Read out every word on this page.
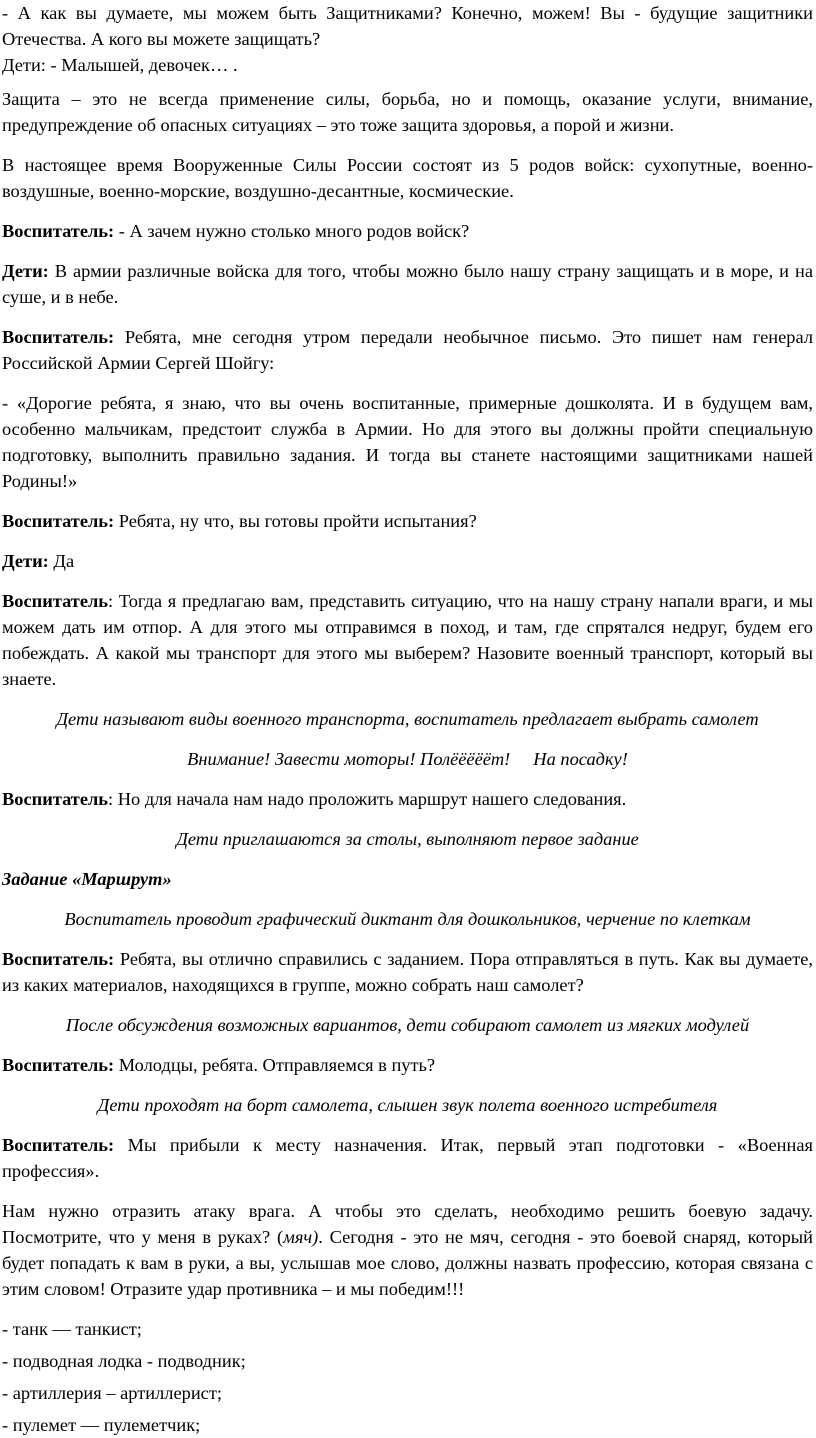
- А как вы думаете, мы можем быть Защитниками? Конечно, можем! Вы - будущие защитники Отечества. А кого вы можете защищать?
Дети: - Малышей, девочек… .

Защита – это не всегда применение силы, борьба, но и помощь, оказание услуги, внимание, предупреждение об опасных ситуациях – это тоже защита здоровья, а порой и жизни.

В настоящее время Вооруженные Силы России состоят из 5 родов войск: сухопутные, военно-воздушные, военно-морские, воздушно-десантные, космические.

Воспитатель: - А зачем нужно столько много родов войск?

Дети: В армии различные войска для того, чтобы можно было нашу страну защищать и в море, и на суше, и в небе.

Воспитатель: Ребята, мне сегодня утром передали необычное письмо. Это пишет нам генерал Российской Армии Сергей Шойгу:

- «Дорогие ребята, я знаю, что вы очень воспитанные, примерные дошколята. И в будущем вам, особенно мальчикам, предстоит служба в Армии. Но для этого вы должны пройти специальную подготовку, выполнить правильно задания. И тогда вы станете настоящими защитниками нашей Родины!»

Воспитатель: Ребята, ну что, вы готовы пройти испытания?

Дети: Да

Воспитатель: Тогда я предлагаю вам, представить ситуацию, что на нашу страну напали враги, и мы можем дать им отпор. А для этого мы отправимся в поход, и там, где спрятался недруг, будем его побеждать. А какой мы транспорт для этого мы выберем? Назовите военный транспорт, который вы знаете.

Дети называют виды военного транспорта, воспитатель предлагает выбрать самолет

Внимание! Завести моторы! Полёёёёёт!     На посадку!

Воспитатель: Но для начала нам надо проложить маршрут нашего следования.

Дети приглашаются за столы, выполняют первое задание

Задание «Маршрут»

Воспитатель проводит графический диктант для дошкольников, черчение по клеткам

Воспитатель: Ребята, вы отлично справились с заданием. Пора отправляться в путь. Как вы думаете, из каких материалов, находящихся в группе, можно собрать наш самолет?

После обсуждения возможных вариантов, дети собирают самолет из мягких модулей

Воспитатель: Молодцы, ребята. Отправляемся в путь?

Дети проходят на борт самолета, слышен звук полета военного истребителя

Воспитатель: Мы прибыли к месту назначения. Итак, первый этап подготовки - «Военная профессия».

Нам нужно отразить атаку врага. А чтобы это сделать, необходимо решить боевую задачу. Посмотрите, что у меня в руках? (мяч). Сегодня - это не мяч, сегодня - это боевой снаряд, который будет попадать к вам в руки, а вы, услышав мое слово, должны назвать профессию, которая связана с этим словом! Отразите удар противника – и мы победим!!!

- танк — танкист;

- подводная лодка - подводник;

- артиллерия – артиллерист;

- пулемет — пулеметчик;
